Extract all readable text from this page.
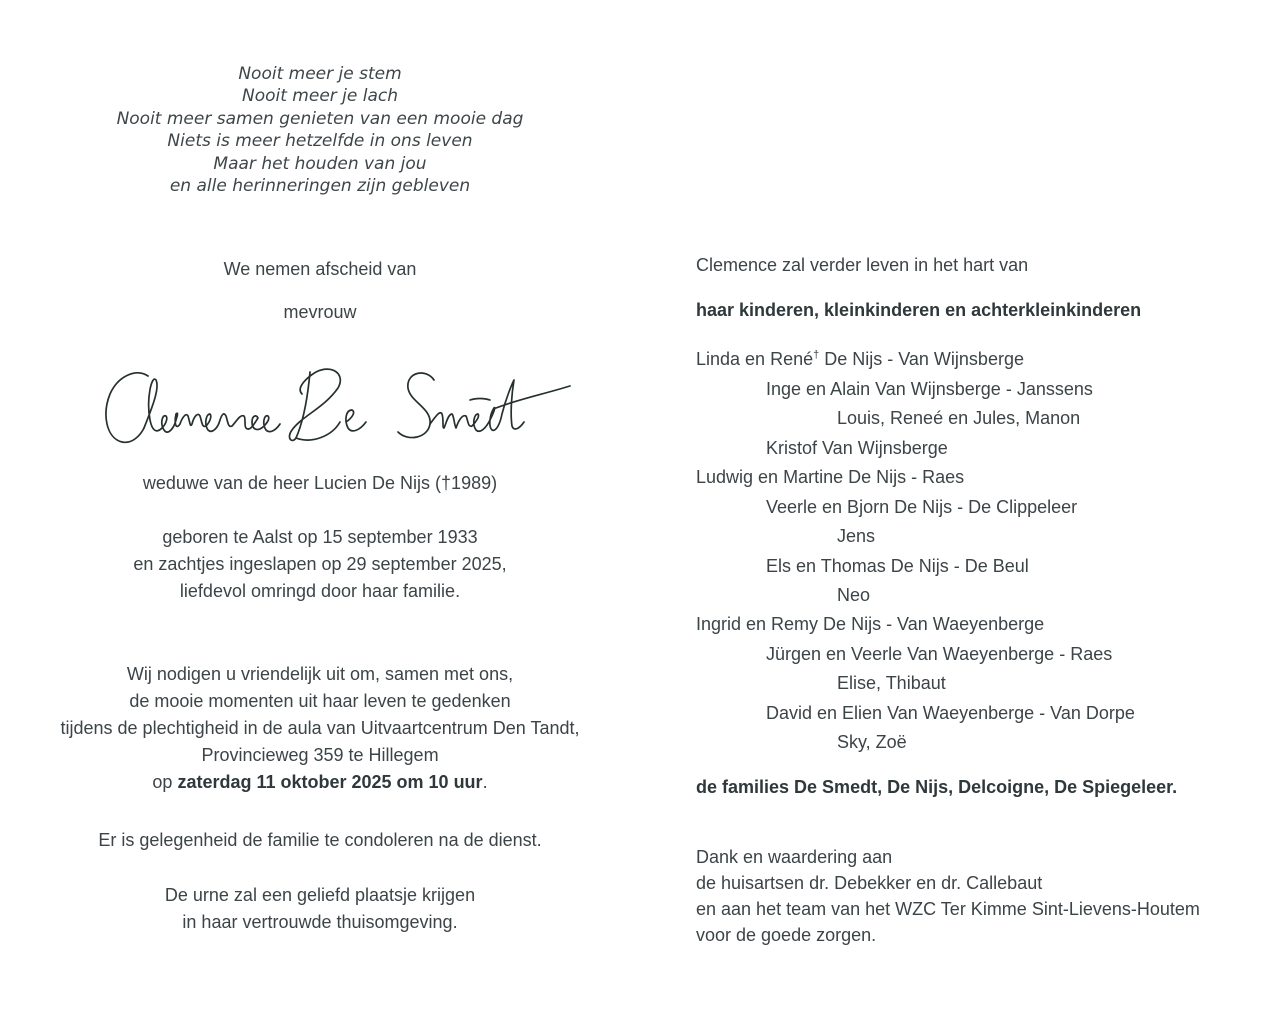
Nooit meer je stem
Nooit meer je lach
Nooit meer samen genieten van een mooie dag
Niets is meer hetzelfde in ons leven
Maar het houden van jou
en alle herinneringen zijn gebleven
We nemen afscheid van
mevrouw
weduwe van de heer Lucien De Nijs (†1989)
geboren te Aalst op 15 september 1933
en zachtjes ingeslapen op 29 september 2025,
liefdevol omringd door haar familie.
Wij nodigen u vriendelijk uit om, samen met ons,
de mooie momenten uit haar leven te gedenken
tijdens de plechtigheid in de aula van Uitvaartcentrum Den Tandt,
Provincieweg 359 te Hillegem
op zaterdag 11 oktober 2025 om 10 uur.
Er is gelegenheid de familie te condoleren na de dienst.
De urne zal een geliefd plaatsje krijgen
in haar vertrouwde thuisomgeving.
Clemence zal verder leven in het hart van
haar kinderen, kleinkinderen en achterkleinkinderen
Linda en René† De Nijs - Van Wijnsberge
Inge en Alain Van Wijnsberge - Janssens
Louis, Reneé en Jules, Manon
Kristof Van Wijnsberge
Ludwig en Martine De Nijs - Raes
Veerle en Bjorn De Nijs - De Clippeleer
Jens
Els en Thomas De Nijs - De Beul
Neo
Ingrid en Remy De Nijs - Van Waeyenberge
Jürgen en Veerle Van Waeyenberge - Raes
Elise, Thibaut
David en Elien Van Waeyenberge - Van Dorpe
Sky, Zoë
de families De Smedt, De Nijs, Delcoigne, De Spiegeleer.
Dank en waardering aan
de huisartsen dr. Debekker en dr. Callebaut
en aan het team van het WZC Ter Kimme Sint-Lievens-Houtem
voor de goede zorgen.
